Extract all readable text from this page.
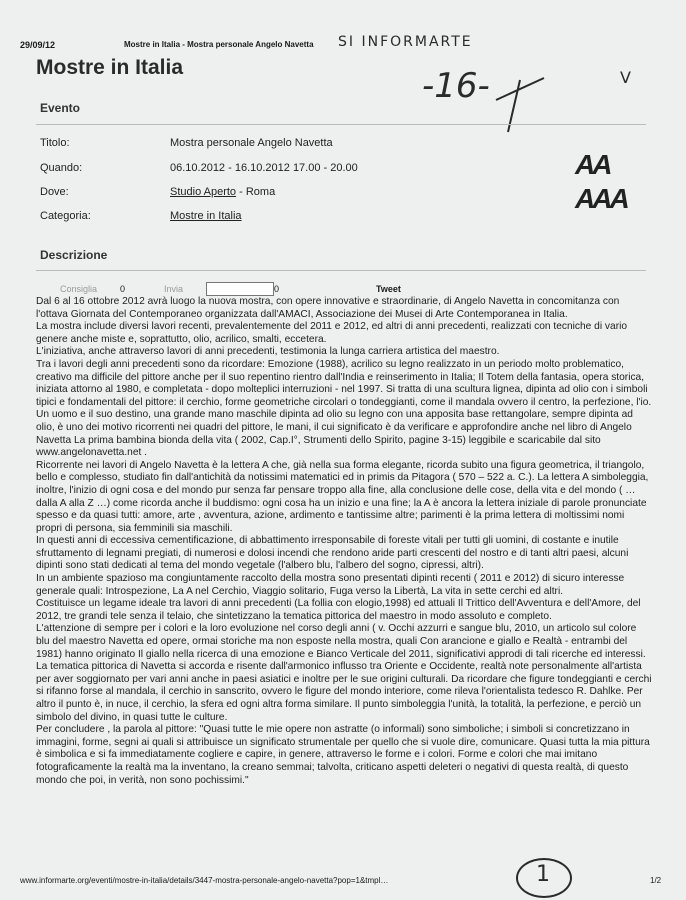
29/09/12	Mostre in Italia - Mostra personale Angelo Navetta SI INFORMARTE
-16-	V
Mostre in Italia
Evento
Titolo:	Mostra personale Angelo Navetta
Quando:	06.10.2012 - 16.10.2012 17.00 - 20.00
Dove:	Studio Aperto - Roma
Categoria:	Mostre in Italia
AA
AAA
Descrizione
Consiglia	0	Invia	0	Tweet

Dal 6 al 16 ottobre 2012 avrà luogo la nuova mostra, con opere innovative e straordinarie, di Angelo Navetta in concomitanza con l'ottava Giornata del Contemporaneo organizzata dall'AMACI, Associazione dei Musei di Arte Contemporanea in Italia.

La mostra include diversi lavori recenti, prevalentemente del 2011 e 2012, ed altri di anni precedenti, realizzati con tecniche di vario genere anche miste e, soprattutto, olio, acrilico, smalti, eccetera.

L'iniziativa, anche attraverso lavori di anni precedenti, testimonia la lunga carriera artistica del maestro.

Tra i lavori degli anni precedenti sono da ricordare: Emozione (1988), acrilico su legno realizzato in un periodo molto problematico, creativo ma difficile del pittore anche per il suo repentino rientro dall'India e reinserimento in Italia; Il Totem della fantasia, opera storica, iniziata attorno al 1980, e completata - dopo molteplici interruzioni - nel 1997. Si tratta di una scultura lignea, dipinta ad olio con i simboli tipici e fondamentali del pittore: il cerchio, forme geometriche circolari o tondeggianti, come il mandala ovvero il centro, la perfezione, l'io. Un uomo e il suo destino, una grande mano maschile dipinta ad olio su legno con una apposita base rettangolare, sempre dipinta ad olio, è uno dei motivo ricorrenti nei quadri del pittore, le mani, il cui significato è da verificare e approfondire anche nel libro di Angelo Navetta La prima bambina bionda della vita ( 2002, Cap.I°, Strumenti dello Spirito, pagine 3-15) leggibile e scaricabile dal sito www.angelonavetta.net .

Ricorrente nei lavori di Angelo Navetta è la lettera A che, già nella sua forma elegante, ricorda subito una figura geometrica, il triangolo, bello e complesso, studiato fin dall'antichità da notissimi matematici ed in primis da Pitagora ( 570 – 522 a. C.). La lettera A simboleggia, inoltre, l'inizio di ogni cosa e del mondo pur senza far pensare troppo alla fine, alla conclusione delle cose, della vita e del mondo ( …dalla A alla Z …) come ricorda anche il buddismo: ogni cosa ha un inizio e una fine; la A è ancora la lettera iniziale di parole pronunciate spesso e da quasi tutti: amore, arte , avventura, azione, ardimento e tantissime altre; parimenti è la prima lettera di moltissimi nomi propri di persona, sia femminili sia maschili.

In questi anni di eccessiva cementificazione, di abbattimento irresponsabile di foreste vitali per tutti gli uomini, di costante e inutile sfruttamento di legnami pregiati, di numerosi e dolosi incendi che rendono aride parti crescenti del nostro e di tanti altri paesi, alcuni dipinti sono stati dedicati al tema del mondo vegetale (l'albero blu, l'albero del sogno, cipressi, altri).

In un ambiente spazioso ma congiuntamente raccolto della mostra sono presentati dipinti recenti ( 2011 e 2012) di sicuro interesse generale quali: Introspezione, La A nel Cerchio, Viaggio solitario, Fuga verso la Libertà, La vita in sette cerchi ed altri.

Costituisce un legame ideale tra lavori di anni precedenti (La follia con elogio,1998) ed attuali Il Trittico dell'Avventura e dell'Amore, del 2012, tre grandi tele senza il telaio, che sintetizzano la tematica pittorica del maestro in modo assoluto e completo.

L'attenzione di sempre per i colori e la loro evoluzione nel corso degli anni ( v. Occhi azzurri e sangue blu, 2010, un articolo sul colore blu del maestro Navetta ed opere, ormai storiche ma non esposte nella mostra, quali Con arancione e giallo e Realtà - entrambi del 1981) hanno originato Il giallo nella ricerca di una emozione e Bianco Verticale del 2011, significativi approdi di tali ricerche ed interessi.

La tematica pittorica di Navetta si accorda e risente dall'armonico influsso tra Oriente e Occidente, realtà note personalmente all'artista per aver soggiornato per vari anni anche in paesi asiatici e inoltre per le sue origini culturali. Da ricordare che figure tondeggianti e cerchi si rifanno forse al mandala, il cerchio in sanscrito, ovvero le figure del mondo interiore, come rileva l'orientalista tedesco R. Dahlke. Per altro il punto è, in nuce, il cerchio, la sfera ed ogni altra forma similare. Il punto simboleggia l'unità, la totalità, la perfezione, e perciò un simbolo del divino, in quasi tutte le culture.

Per concludere , la parola al pittore: "Quasi tutte le mie opere non astratte (o informali) sono simboliche; i simboli si concretizzano in immagini, forme, segni ai quali si attribuisce un significato strumentale per quello che si vuole dire, comunicare. Quasi tutta la mia pittura è simbolica e si fa immediatamente cogliere e capire, in genere, attraverso le forme e i colori. Forme e colori che mai imitano fotograficamente la realtà ma la inventano, la creano semmai; talvolta, criticano aspetti deleteri o negativi di questa realtà, di questo mondo che poi, in verità, non sono pochissimi."

www.informarte.org/eventi/mostre-in-italia/details/3447-mostra-personale-angelo-navetta?pop=1&tmpl…	1	1/2
